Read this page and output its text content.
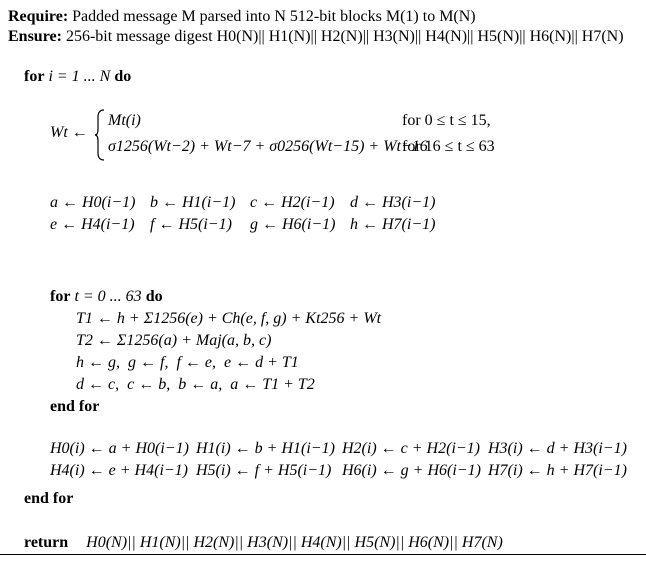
Require: Padded message M parsed into N 512-bit blocks M(1) to M(N)
Ensure: 256-bit message digest H0(N)|| H1(N)|| H2(N)|| H3(N)|| H4(N)|| H5(N)|| H6(N)|| H7(N)
for i = 1 ... N do
Wt ←
Mt(i)	for 0 ≤ t ≤ 15,
σ1256(Wt−2) + Wt−7 + σ0256(Wt−15) + Wt−16
for 16 ≤ t ≤ 63
a ← H0(i−1) b ← H1(i−1) c ← H2(i−1) d ← H3(i−1)
e ← H4(i−1) f ← H5(i−1) g ← H6(i−1) h ← H7(i−1)
for t = 0 ... 63 do
T1 ← h + Σ1256(e) + Ch(e, f, g) + Kt256 + Wt
T2 ← Σ1256(a) + Maj(a, b, c)
h ← g,  g ← f,  f ← e,  e ← d + T1
d ← c,  c ← b,  b ← a,  a ← T1 + T2
end for
H0(i) ← a + H0(i−1) H1(i) ← b + H1(i−1) H2(i) ← c + H2(i−1) H3(i) ← d + H3(i−1)
H4(i) ← e + H4(i−1) H5(i) ← f + H5(i−1) H6(i) ← g + H6(i−1) H7(i) ← h + H7(i−1)
end for
return H0(N)|| H1(N)|| H2(N)|| H3(N)|| H4(N)|| H5(N)|| H6(N)|| H7(N)
